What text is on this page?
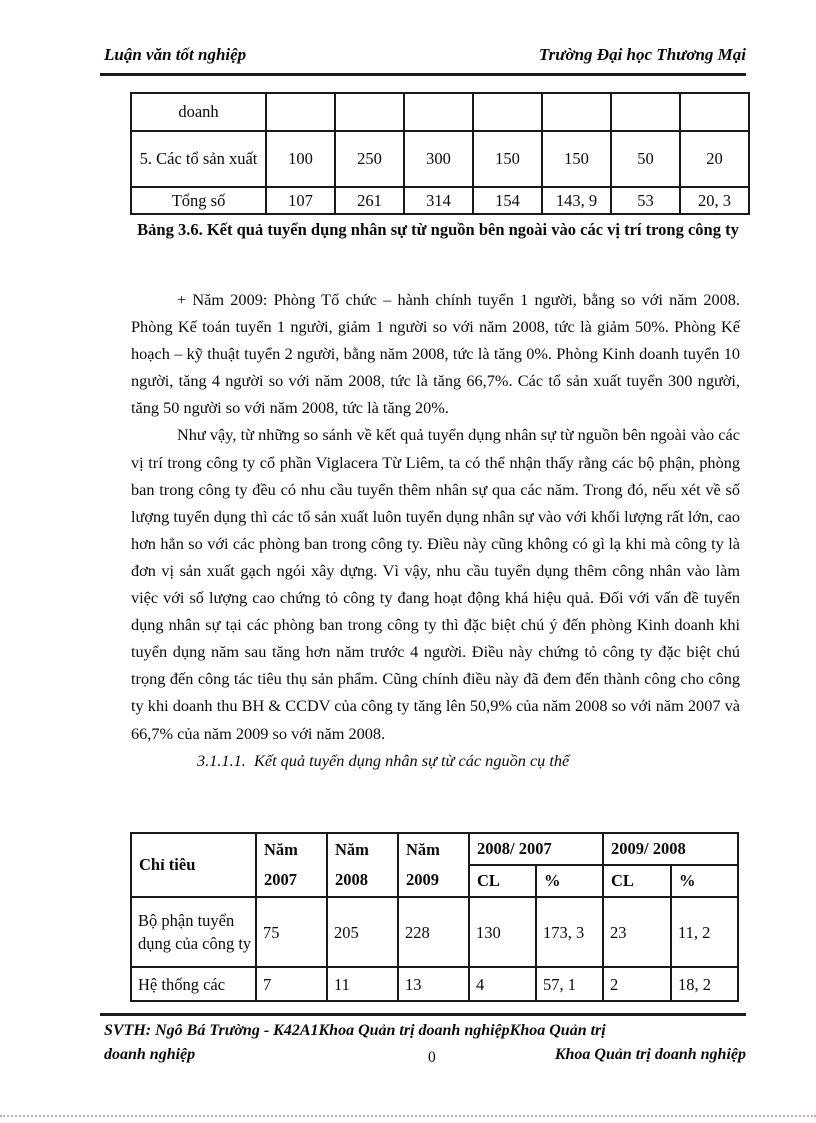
Luận văn tốt nghiệp	Trường Đại học Thương Mại
doanh							
5. Các tổ sản xuất	100	250	300	150	150	50	20
Tổng số	107	261	314	154	143, 9	53	20, 3
Bảng 3.6. Kết quả tuyển dụng nhân sự từ nguồn bên ngoài vào các vị trí trong công ty

+ Năm 2009: Phòng Tổ chức – hành chính tuyển 1 người, bằng so với năm 2008. Phòng Kế toán tuyển 1 người, giảm 1 người so với năm 2008, tức là giảm 50%. Phòng Kế hoạch – kỹ thuật tuyển 2 người, bằng năm 2008, tức là tăng 0%. Phòng Kinh doanh tuyển 10 người, tăng 4 người so với năm 2008, tức là tăng 66,7%. Các tổ sản xuất tuyển 300 người, tăng 50 người so với năm 2008, tức là tăng 20%.

Như vậy, từ những so sánh về kết quả tuyển dụng nhân sự từ nguồn bên ngoài vào các vị trí trong công ty cổ phần Viglacera Từ Liêm, ta có thể nhận thấy rằng các bộ phận, phòng ban trong công ty đều có nhu cầu tuyển thêm nhân sự qua các năm. Trong đó, nếu xét về số lượng tuyển dụng thì các tổ sản xuất luôn tuyển dụng nhân sự vào với khối lượng rất lớn, cao hơn hẳn so với các phòng ban trong công ty. Điều này cũng không có gì lạ khi mà công ty là đơn vị sản xuất gạch ngói xây dựng. Vì vậy, nhu cầu tuyển dụng thêm công nhân vào làm việc với số lượng cao chứng tỏ công ty đang hoạt động khá hiệu quả. Đối với vấn đề tuyển dụng nhân sự tại các phòng ban trong công ty thì đặc biệt chú ý đến phòng Kinh doanh khi tuyển dụng năm sau tăng hơn năm trước 4 người. Điều này chứng tỏ công ty đặc biệt chú trọng đến công tác tiêu thụ sản phẩm. Cũng chính điều này đã đem đến thành công cho công ty khi doanh thu BH & CCDV của công ty tăng lên 50,9% của năm 2008 so với năm 2007 và 66,7% của năm 2009 so với năm 2008.

3.1.1.1.  Kết quả tuyển dụng nhân sự từ các nguồn cụ thể
Chỉ tiêu	Năm 2007	Năm 2008	Năm 2009	2008/ 2007		2009/ 2008	
				CL	%	CL	%
Bộ phận tuyển dụng của công ty	75	205	228	130	173, 3	23	11, 2
Hệ thống các	7	11	13	4	57, 1	2	18, 2
SVTH: Ngô Bá Trường - K42A1Khoa Quản trị doanh nghiệpKhoa Quản trị
doanh nghiệp	0	Khoa Quản trị doanh nghiệp
